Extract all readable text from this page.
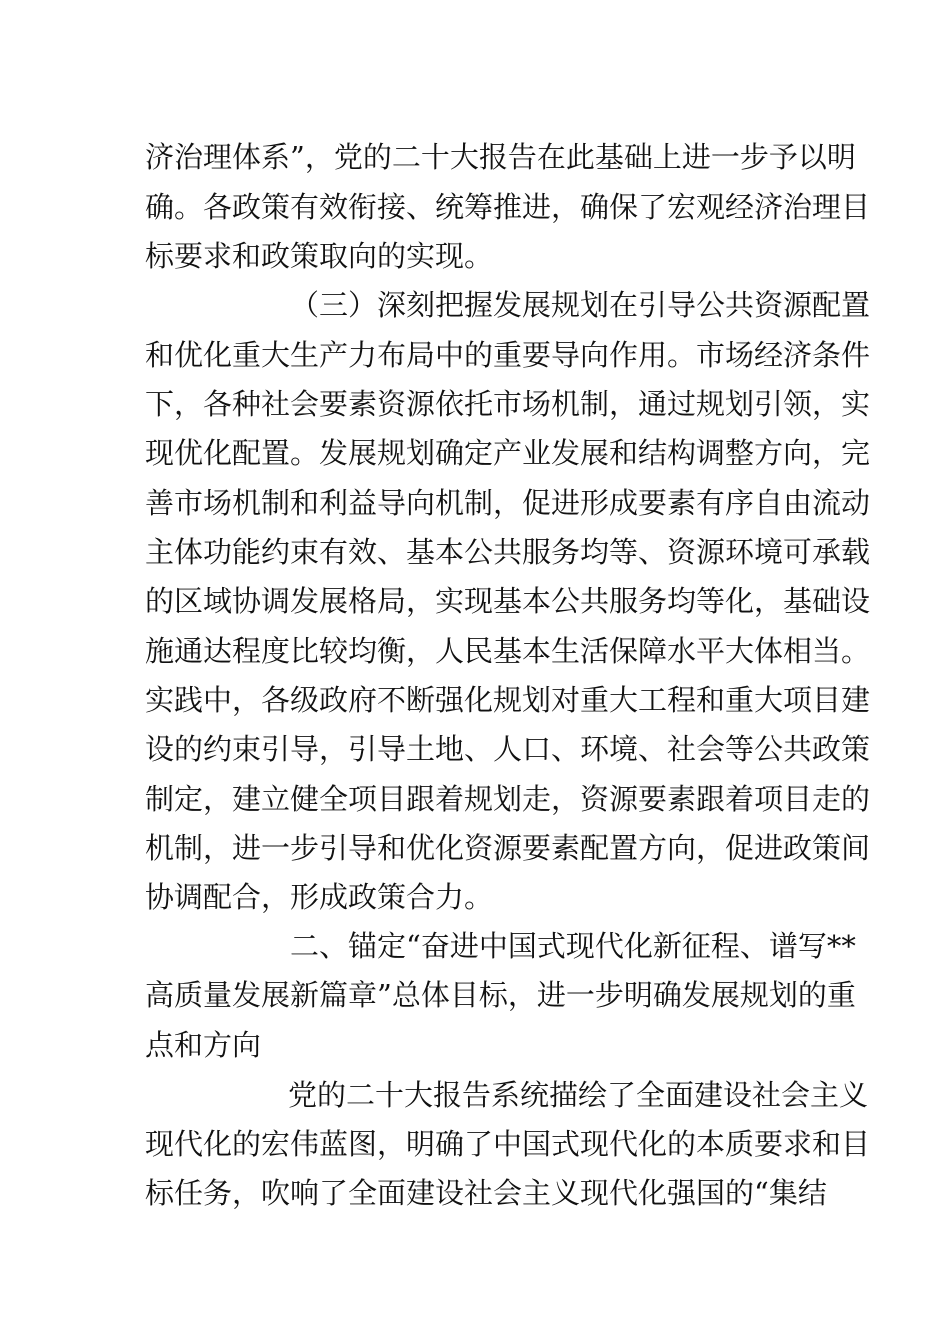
济治理体系”，党的二十大报告在此基础上进一步予以明
确。各政策有效衔接、统筹推进，确保了宏观经济治理目
标要求和政策取向的实现。
（三）深刻把握发展规划在引导公共资源配置
和优化重大生产力布局中的重要导向作用。市场经济条件
下，各种社会要素资源依托市场机制，通过规划引领，实
现优化配置。发展规划确定产业发展和结构调整方向，完
善市场机制和利益导向机制，促进形成要素有序自由流动
主体功能约束有效、基本公共服务均等、资源环境可承载
的区域协调发展格局，实现基本公共服务均等化，基础设
施通达程度比较均衡，人民基本生活保障水平大体相当。
实践中，各级政府不断强化规划对重大工程和重大项目建
设的约束引导，引导土地、人口、环境、社会等公共政策
制定，建立健全项目跟着规划走，资源要素跟着项目走的
机制，进一步引导和优化资源要素配置方向，促进政策间
协调配合，形成政策合力。
二、锚定“奋进中国式现代化新征程、谱写**
高质量发展新篇章”总体目标，进一步明确发展规划的重
点和方向
党的二十大报告系统描绘了全面建设社会主义
现代化的宏伟蓝图，明确了中国式现代化的本质要求和目
标任务，吹响了全面建设社会主义现代化强国的“集结
